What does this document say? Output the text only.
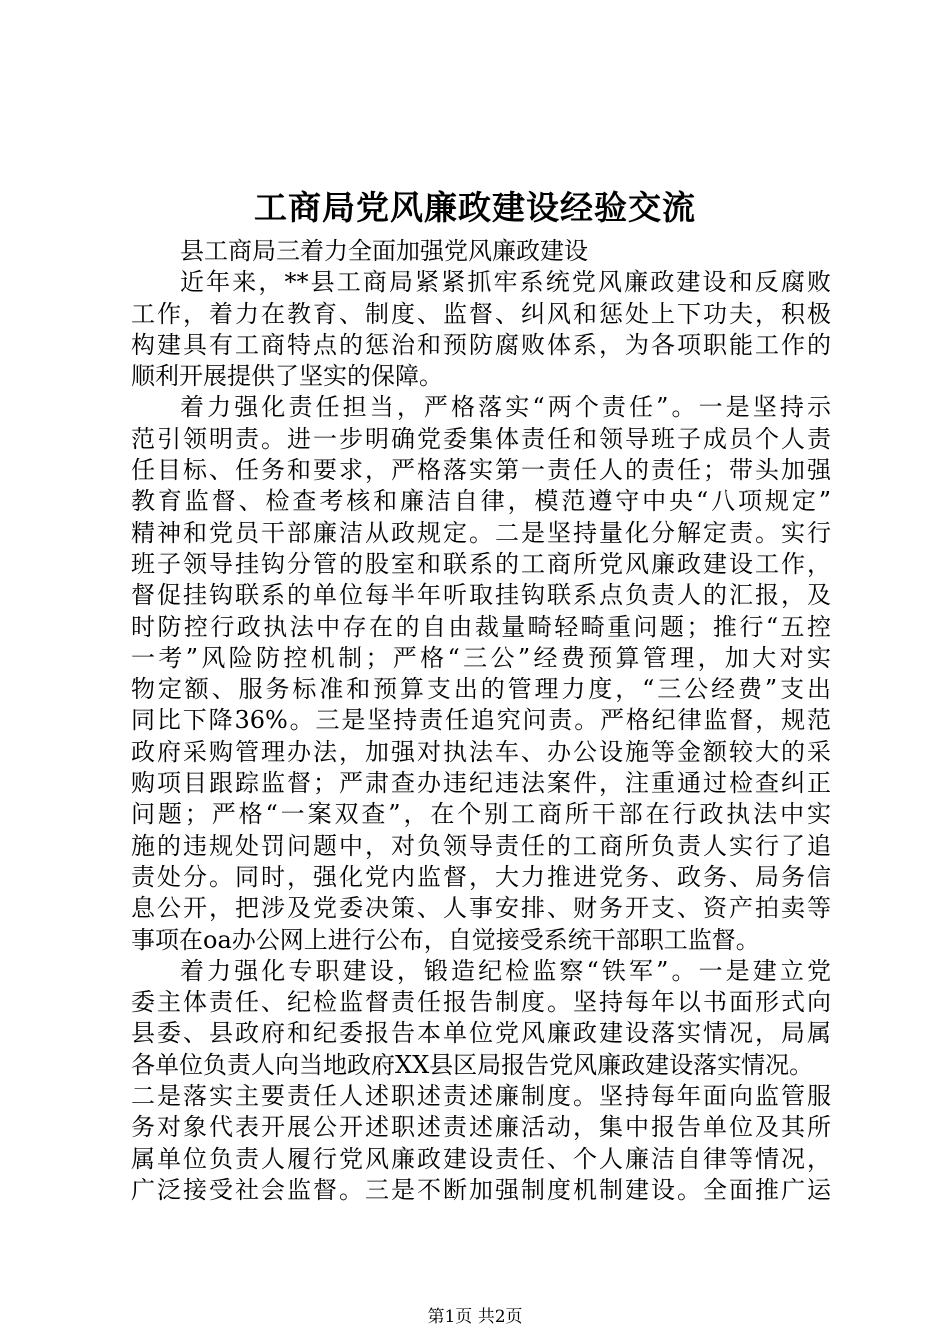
工商局党风廉政建设经验交流
县工商局三着力全面加强党风廉政建设
近年来，**县工商局紧紧抓牢系统党风廉政建设和反腐败
工作，着力在教育、制度、监督、纠风和惩处上下功夫，积极
构建具有工商特点的惩治和预防腐败体系，为各项职能工作的
顺利开展提供了坚实的保障。
着力强化责任担当，严格落实“两个责任”。一是坚持示
范引领明责。进一步明确党委集体责任和领导班子成员个人责
任目标、任务和要求，严格落实第一责任人的责任；带头加强
教育监督、检查考核和廉洁自律，模范遵守中央“八项规定”
精神和党员干部廉洁从政规定。二是坚持量化分解定责。实行
班子领导挂钩分管的股室和联系的工商所党风廉政建设工作，
督促挂钩联系的单位每半年听取挂钩联系点负责人的汇报，及
时防控行政执法中存在的自由裁量畸轻畸重问题；推行“五控
一考”风险防控机制；严格“三公”经费预算管理，加大对实
物定额、服务标准和预算支出的管理力度，“三公经费”支出
同比下降36%。三是坚持责任追究问责。严格纪律监督，规范
政府采购管理办法，加强对执法车、办公设施等金额较大的采
购项目跟踪监督；严肃查办违纪违法案件，注重通过检查纠正
问题；严格“一案双查”，在个别工商所干部在行政执法中实
施的违规处罚问题中，对负领导责任的工商所负责人实行了追
责处分。同时，强化党内监督，大力推进党务、政务、局务信
息公开，把涉及党委决策、人事安排、财务开支、资产拍卖等
事项在oa办公网上进行公布，自觉接受系统干部职工监督。
着力强化专职建设，锻造纪检监察“铁军”。一是建立党
委主体责任、纪检监督责任报告制度。坚持每年以书面形式向
县委、县政府和纪委报告本单位党风廉政建设落实情况，局属
各单位负责人向当地政府XX县区局报告党风廉政建设落实情况。
二是落实主要责任人述职述责述廉制度。坚持每年面向监管服
务对象代表开展公开述职述责述廉活动，集中报告单位及其所
属单位负责人履行党风廉政建设责任、个人廉洁自律等情况，
广泛接受社会监督。三是不断加强制度机制建设。全面推广运
第1页 共2页
